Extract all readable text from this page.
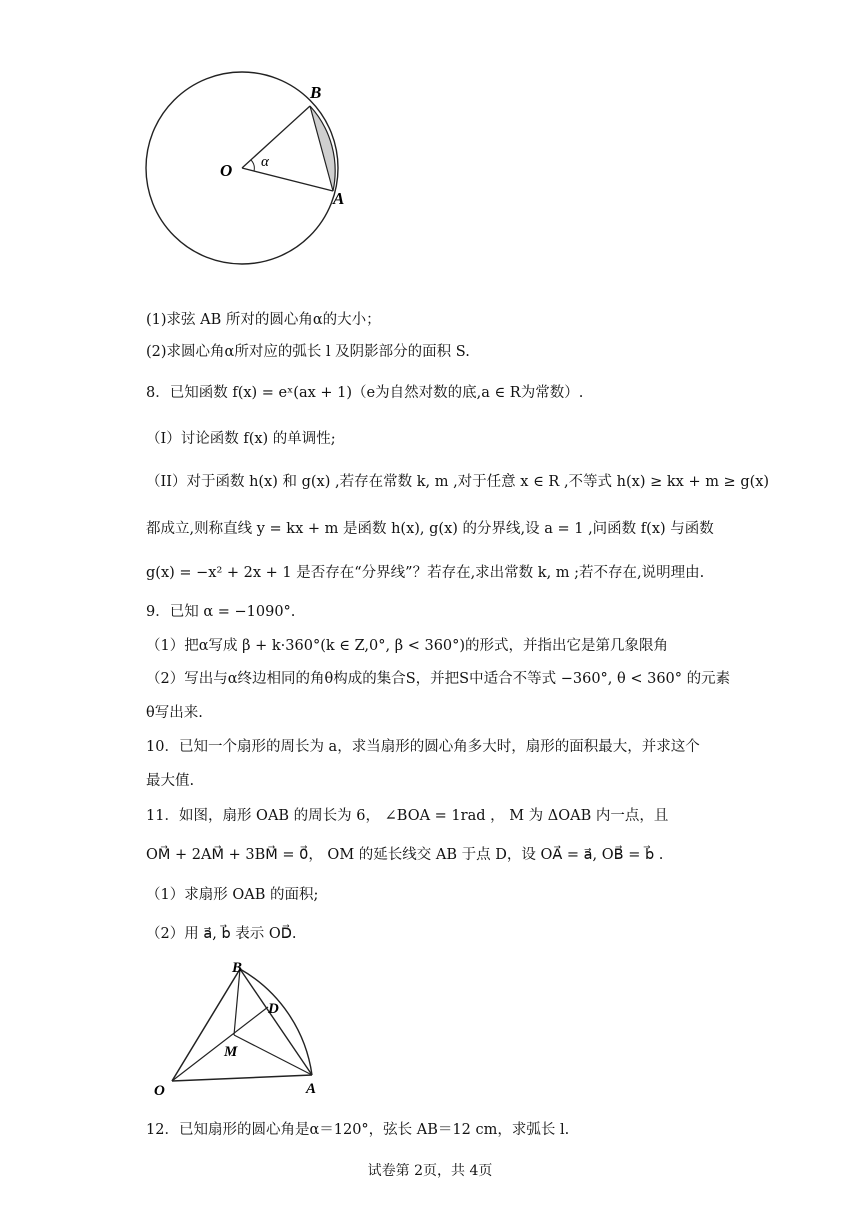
O
B
A
α
(1)求弦 AB 所对的圆心角α的大小；
(2)求圆心角α所对应的弧长 l 及阴影部分的面积 S.
8．已知函数 f(x) = eˣ(ax + 1)（e为自然对数的底,a ∈ R为常数）.
（I）讨论函数 f(x) 的单调性;
（II）对于函数 h(x) 和 g(x) ,若存在常数 k, m ,对于任意 x ∈ R ,不等式 h(x) ≥ kx + m ≥ g(x)
都成立,则称直线 y = kx + m 是函数 h(x), g(x) 的分界线,设 a = 1 ,问函数 f(x) 与函数
g(x) = −x² + 2x + 1 是否存在“分界线”？若存在,求出常数 k, m ;若不存在,说明理由.
9．已知 α = −1090°.
（1）把α写成 β + k·360°(k ∈ Z,0°, β < 360°)的形式，并指出它是第几象限角
（2）写出与α终边相同的角θ构成的集合S，并把S中适合不等式 −360°, θ < 360° 的元素
θ写出来.
10．已知一个扇形的周长为 a，求当扇形的圆心角多大时，扇形的面积最大，并求这个
最大值.
11．如图，扇形 OAB 的周长为 6， ∠BOA = 1rad ， M 为 ΔOAB 内一点，且
OM⃗ + 2AM⃗ + 3BM⃗ = 0⃗， OM 的延长线交 AB 于点 D，设 OA⃗ = a⃗, OB⃗ = b⃗ .
（1）求扇形 OAB 的面积;
（2）用 a⃗, b⃗ 表示 OD⃗.
B
D
M
O	A
12．已知扇形的圆心角是α＝120°，弦长 AB＝12 cm，求弧长 l.
试卷第 2页，共 4页
